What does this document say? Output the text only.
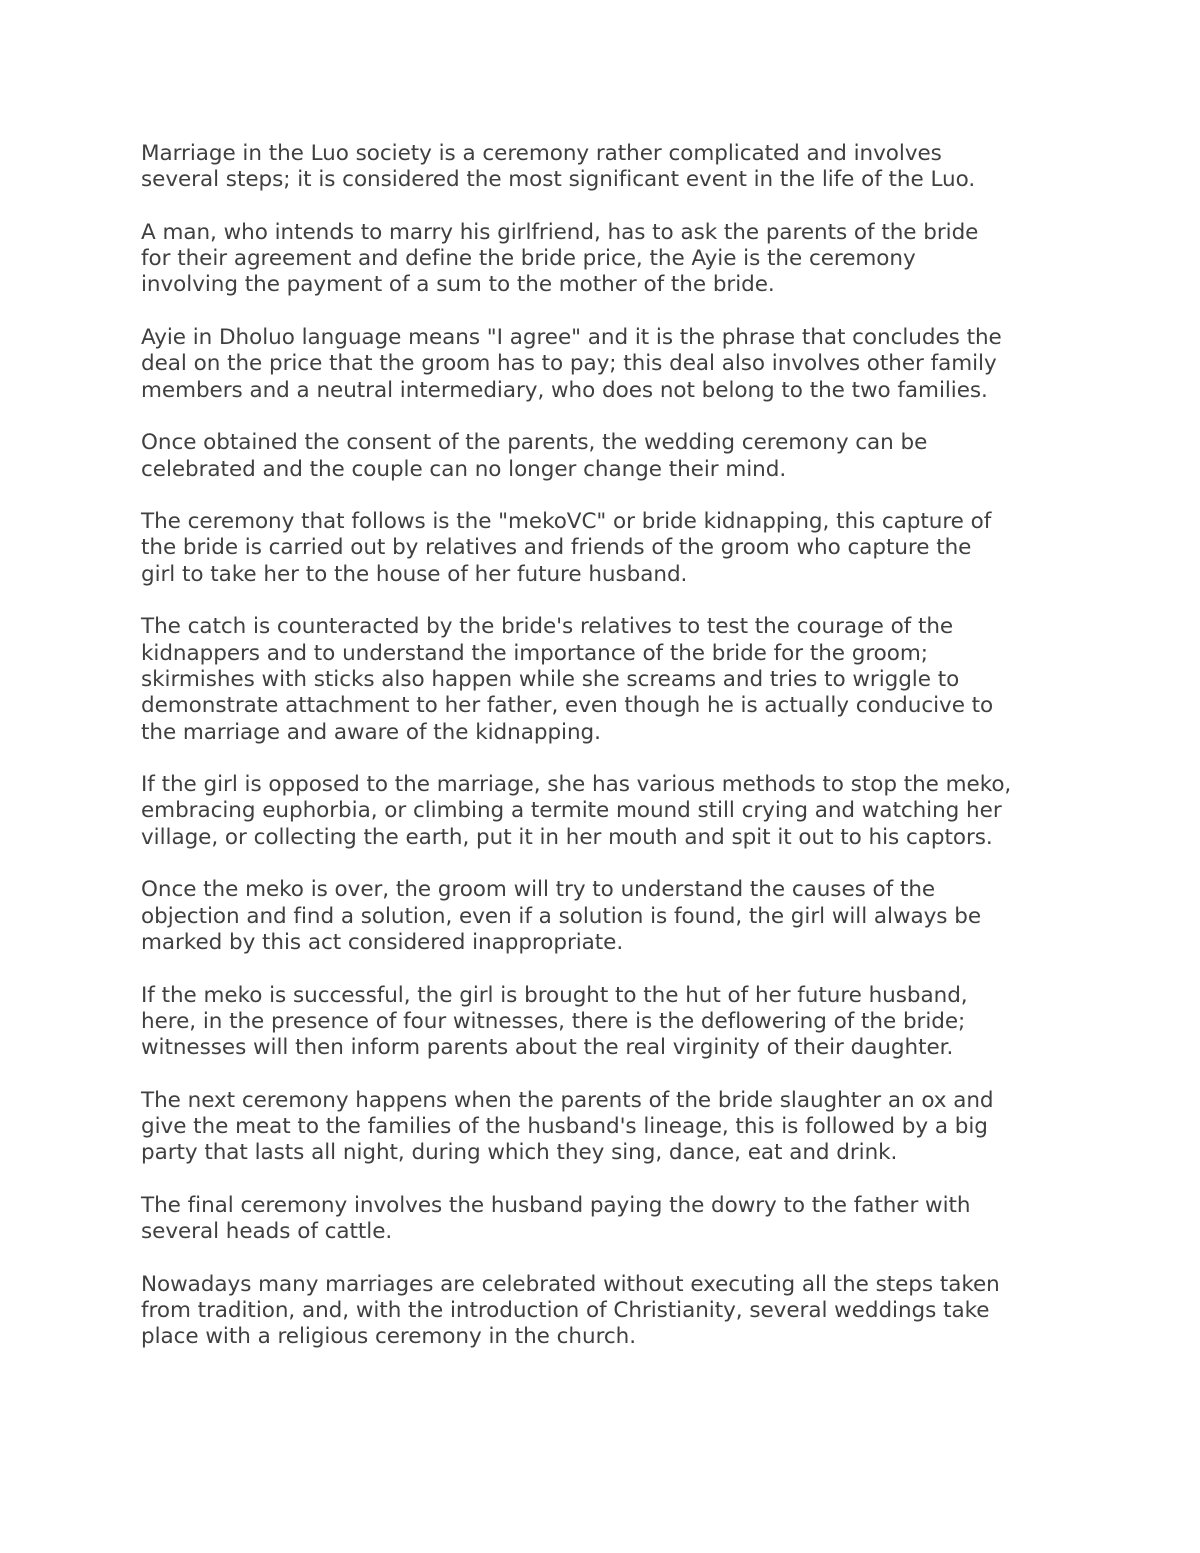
Marriage in the Luo society is a ceremony rather complicated and involves
several steps; it is considered the most significant event in the life of the Luo.

A man, who intends to marry his girlfriend, has to ask the parents of the bride
for their agreement and define the bride price, the Ayie is the ceremony
involving the payment of a sum to the mother of the bride.

Ayie in Dholuo language means "I agree" and it is the phrase that concludes the
deal on the price that the groom has to pay; this deal also involves other family
members and a neutral intermediary, who does not belong to the two families.

Once obtained the consent of the parents, the wedding ceremony can be
celebrated and the couple can no longer change their mind.

The ceremony that follows is the "mekoVC" or bride kidnapping, this capture of
the bride is carried out by relatives and friends of the groom who capture the
girl to take her to the house of her future husband.

The catch is counteracted by the bride's relatives to test the courage of the
kidnappers and to understand the importance of the bride for the groom;
skirmishes with sticks also happen while she screams and tries to wriggle to
demonstrate attachment to her father, even though he is actually conducive to
the marriage and aware of the kidnapping.

If the girl is opposed to the marriage, she has various methods to stop the meko,
embracing euphorbia, or climbing a termite mound still crying and watching her
village, or collecting the earth, put it in her mouth and spit it out to his captors.

Once the meko is over, the groom will try to understand the causes of the
objection and find a solution, even if a solution is found, the girl will always be
marked by this act considered inappropriate.

If the meko is successful, the girl is brought to the hut of her future husband,
here, in the presence of four witnesses, there is the deflowering of the bride;
witnesses will then inform parents about the real virginity of their daughter.

The next ceremony happens when the parents of the bride slaughter an ox and
give the meat to the families of the husband's lineage, this is followed by a big
party that lasts all night, during which they sing, dance, eat and drink.

The final ceremony involves the husband paying the dowry to the father with
several heads of cattle.

Nowadays many marriages are celebrated without executing all the steps taken
from tradition, and, with the introduction of Christianity, several weddings take
place with a religious ceremony in the church.
